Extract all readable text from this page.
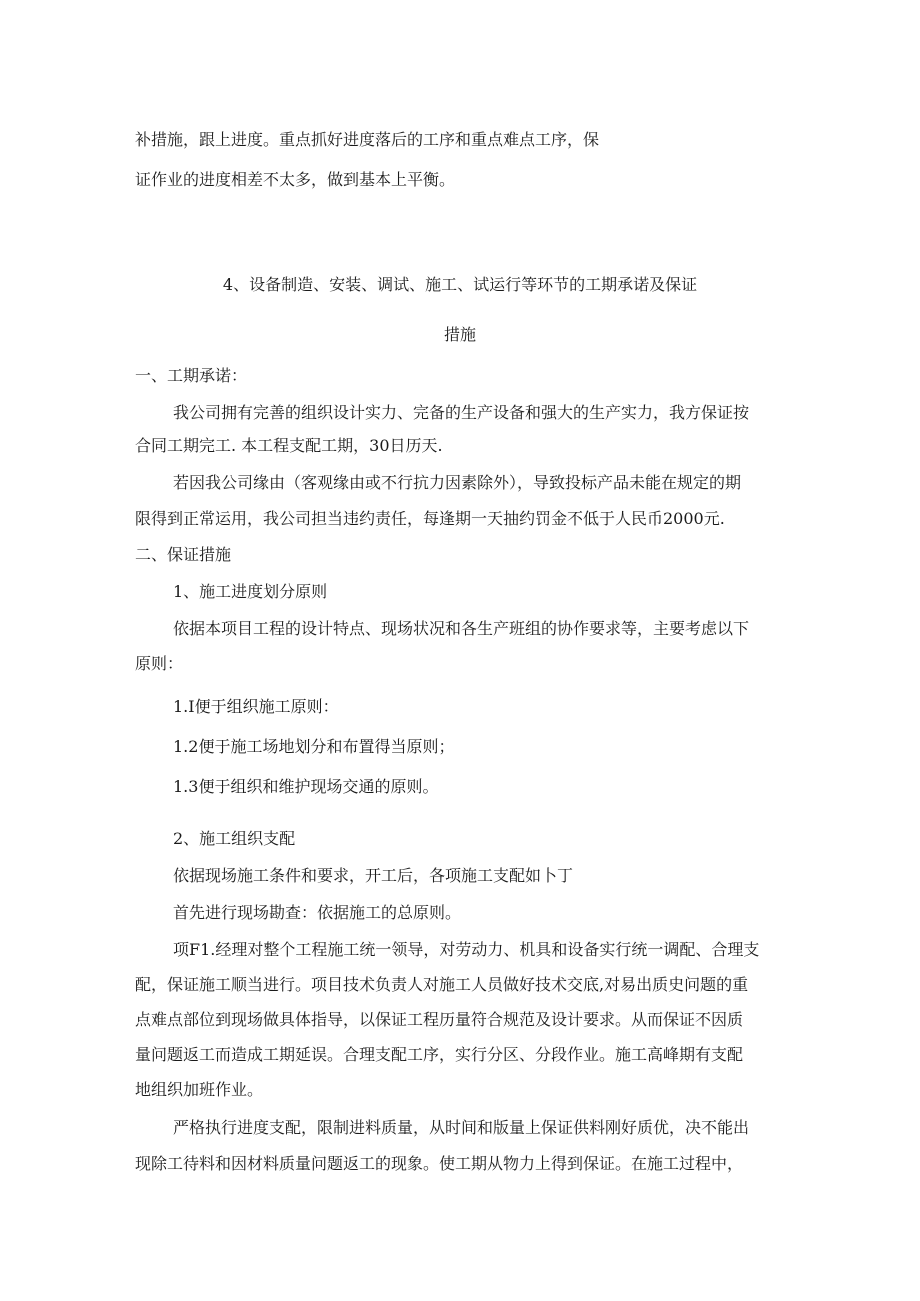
补措施，跟上进度。重点抓好进度落后的工序和重点难点工序，保

证作业的进度相差不太多，做到基本上平衡。

4、设备制造、安装、调试、施工、试运行等环节的工期承诺及保证

措施

一、工期承诺：

我公司拥有完善的组织设计实力、完备的生产设备和强大的生产实力，我方保证按

合同工期完工. 本工程支配工期，30日历天.

若因我公司缘由（客观缘由或不行抗力因素除外），导致投标产品未能在规定的期

限得到正常运用，我公司担当违约责任，每逢期一天抽约罚金不低于人民币2000元.

二、保证措施

1、施工进度划分原则

依据本项目工程的设计特点、现场状况和各生产班组的协作要求等，主要考虑以下

原则：

1.I便于组织施工原则：

1.2便于施工场地划分和布置得当原则；

1.3便于组织和维护现场交通的原则。

2、施工组织支配

依据现场施工条件和要求，开工后，各项施工支配如卜丁

首先进行现场勘查：依据施工的总原则。

项F1.经理对整个工程施工统一领导，对劳动力、机具和设备实行统一调配、合理支

配，保证施工顺当进行。项目技术负责人对施工人员做好技术交底,对易出质史问题的重

点难点部位到现场做具体指导，以保证工程历量符合规范及设计要求。从而保证不因质

量问题返工而造成工期延误。合理支配工序，实行分区、分段作业。施工高峰期有支配

地组织加班作业。

严格执行进度支配，限制进料质量，从时间和版量上保证供料刚好质优，决不能出

现除工待料和因材料质量问题返工的现象。使工期从物力上得到保证。在施工过程中，
